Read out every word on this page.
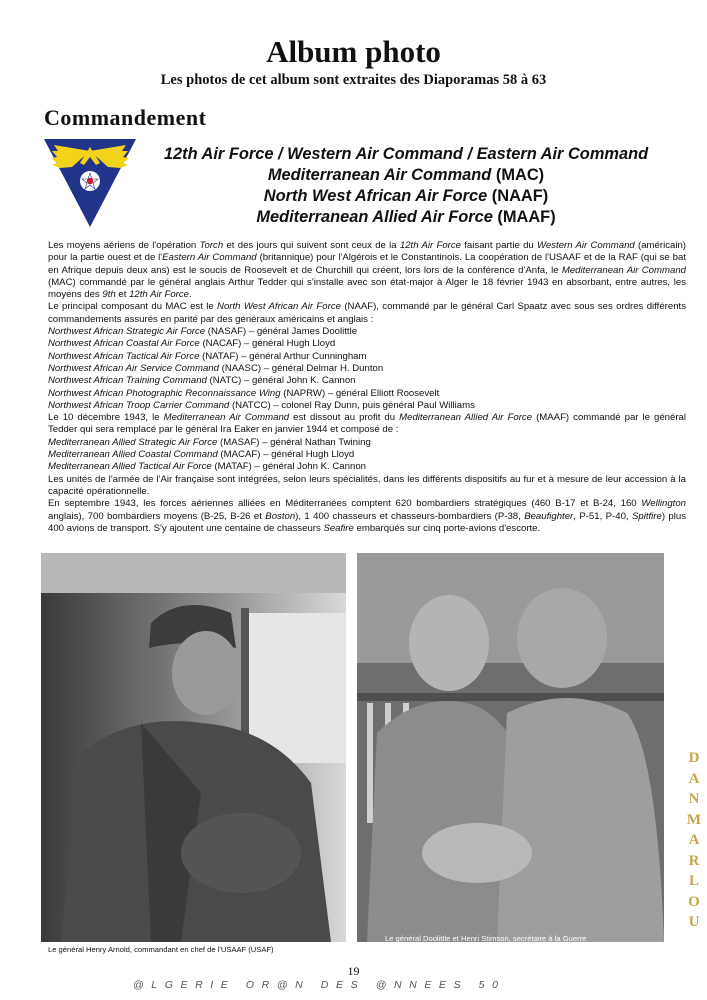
Album photo
Les photos de cet album sont extraites des Diaporamas 58 à 63
Commandement
12th Air Force / Western Air Command / Eastern Air Command
Mediterranean Air Command (MAC)
North West African Air Force (NAAF)
Mediterranean Allied Air Force (MAAF)

Les moyens aériens de l'opération Torch et des jours qui suivent sont ceux de la 12th Air Force faisant partie du Western Air Command (américain) pour la partie ouest et de l'Eastern Air Command (britannique) pour l'Algérois et le Constantinois. La coopération de l'USAAF et de la RAF (qui se bat en Afrique depuis deux ans) est le soucis de Roosevelt et de Churchill qui créent, lors lors de la conférence d'Anfa, le Mediterranean Air Command (MAC) commandé par le général anglais Arthur Tedder qui s'installe avec son état-major à Alger le 18 février 1943 en absorbant, entre autres, les moyens des 9th et 12th Air Force.

Le principal composant du MAC est le North West African Air Force (NAAF), commandé par le général Carl Spaatz avec sous ses ordres différents commandements assurés en parité par des généraux américains et anglais :

Northwest African Strategic Air Force (NASAF) – général James Doolittle
Northwest African Coastal Air Force (NACAF) – général Hugh Lloyd
Northwest African Tactical Air Force (NATAF) – général Arthur Cunningham
Northwest African Air Service Command (NAASC) – général Delmar H. Dunton
Northwest African Training Command (NATC) – général John K. Cannon
Northwest African Photographic Reconnaissance Wing (NAPRW) – général Elliott Roosevelt
Northwest African Troop Carrier Command (NATCC) – colonel Ray Dunn, puis général Paul Williams

Le 10 décembre 1943, le Mediterranean Air Command est dissout au profit du Mediterranean Allied Air Force (MAAF) commandé par le général Tedder qui sera remplacé par le général Ira Eaker en janvier 1944 et composé de :

Mediterranean Allied Strategic Air Force (MASAF) – général Nathan Twining
Mediterranean Allied Coastal Command (MACAF) – général Hugh Lloyd
Mediterranean Allied Tactical Air Force (MATAF) – général John K. Cannon

Les unités de l'armée de l'Air française sont intégrées, selon leurs spécialités, dans les différents dispositifs au fur et à mesure de leur accession à la capacité opérationnelle.

En septembre 1943, les forces aériennes alliées en Méditerranées comptent 620 bombardiers stratégiques (460 B-17 et B-24, 160 Wellington anglais), 700 bombardiers moyens (B-25, B-26 et Boston), 1 400 chasseurs et chasseurs-bombardiers (P-38, Beaufighter, P-51, P-40, Spitfire) plus 400 avions de transport. S'y ajoutent une centaine de chasseurs Seafire embarqués sur cinq porte-avions d'escorte.

Le général Henry Arnold, commandant en chef de l'USAAF (USAF)
Le général Doolittle et Henri Stimson, secrétaire à la Guerre
19
@LGERIE OR@N DES @NNEES 50
D
A
N
M
A
R
L
O
U
